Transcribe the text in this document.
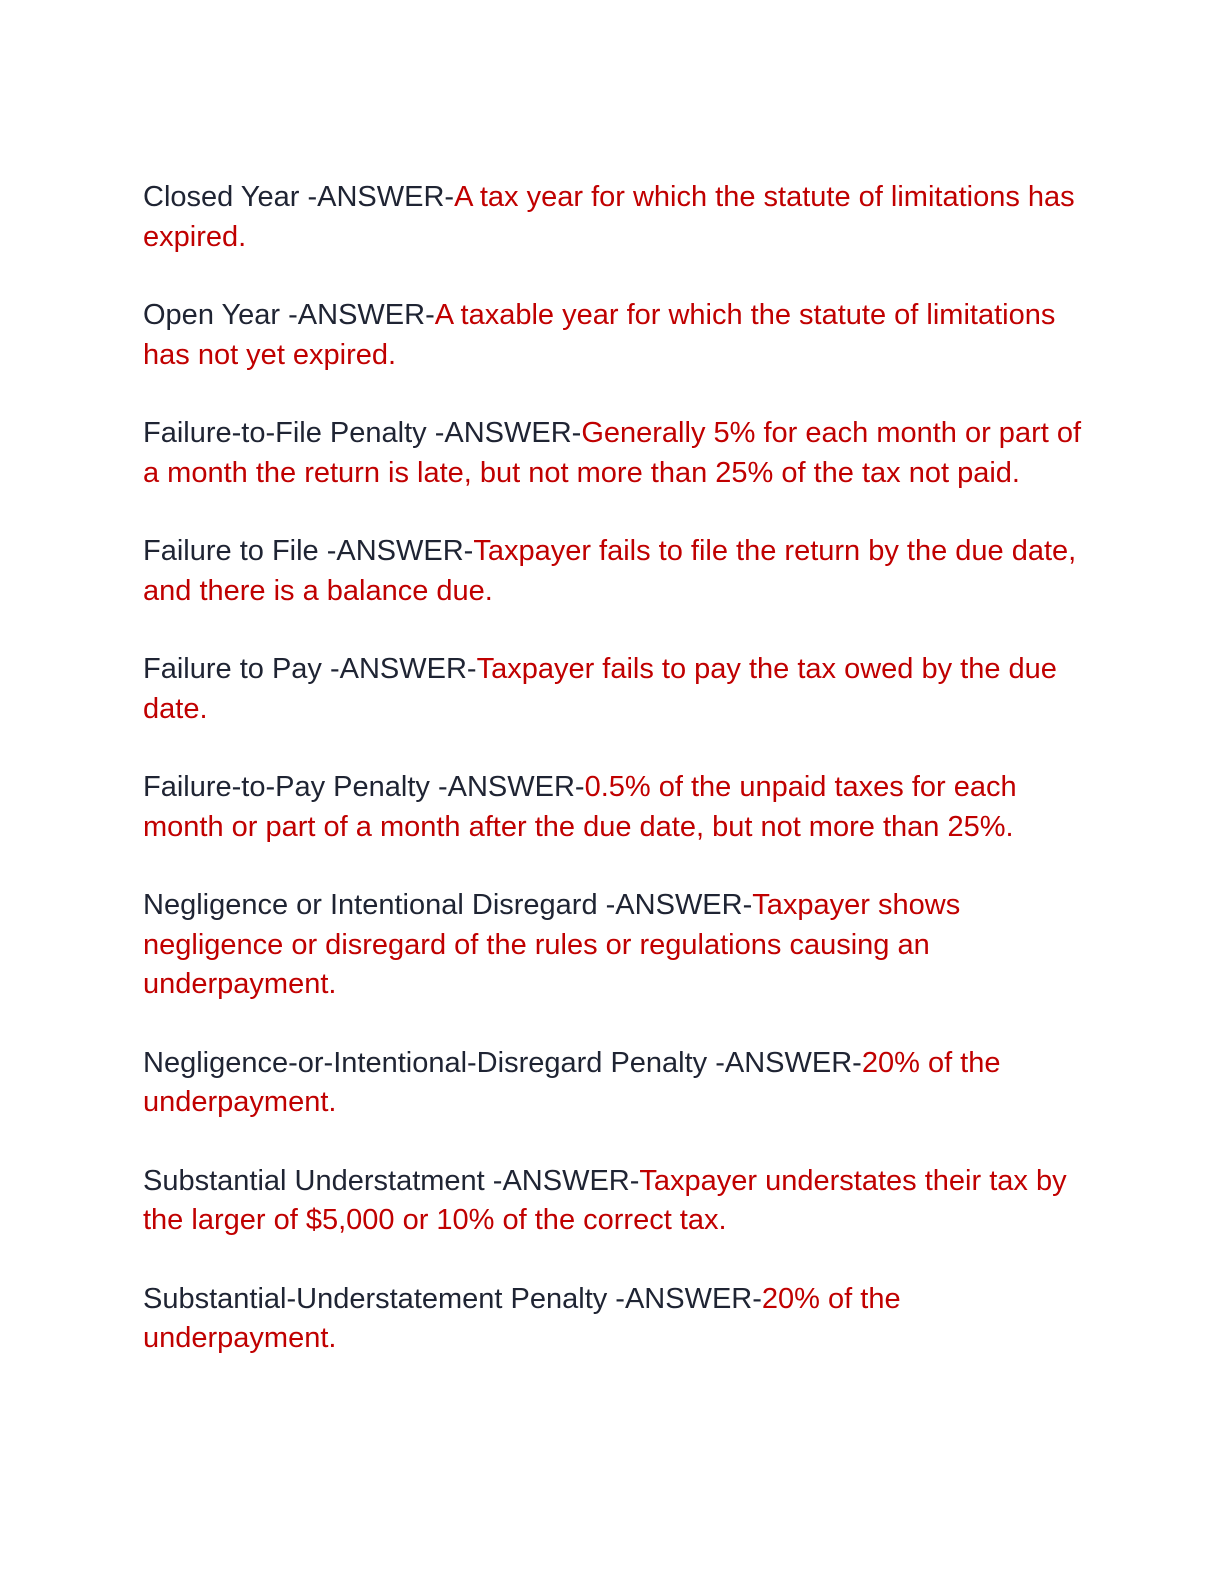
Closed Year -ANSWER-A tax year for which the statute of limitations has expired.

Open Year -ANSWER-A taxable year for which the statute of limitations has not yet expired.

Failure-to-File Penalty -ANSWER-Generally 5% for each month or part of a month the return is late, but not more than 25% of the tax not paid.

Failure to File -ANSWER-Taxpayer fails to file the return by the due date, and there is a balance due.

Failure to Pay -ANSWER-Taxpayer fails to pay the tax owed by the due date.

Failure-to-Pay Penalty -ANSWER-0.5% of the unpaid taxes for each month or part of a month after the due date, but not more than 25%.

Negligence or Intentional Disregard -ANSWER-Taxpayer shows negligence or disregard of the rules or regulations causing an underpayment.

Negligence-or-Intentional-Disregard Penalty -ANSWER-20% of the underpayment.

Substantial Understatment -ANSWER-Taxpayer understates their tax by the larger of $5,000 or 10% of the correct tax.

Substantial-Understatement Penalty -ANSWER-20% of the underpayment.
